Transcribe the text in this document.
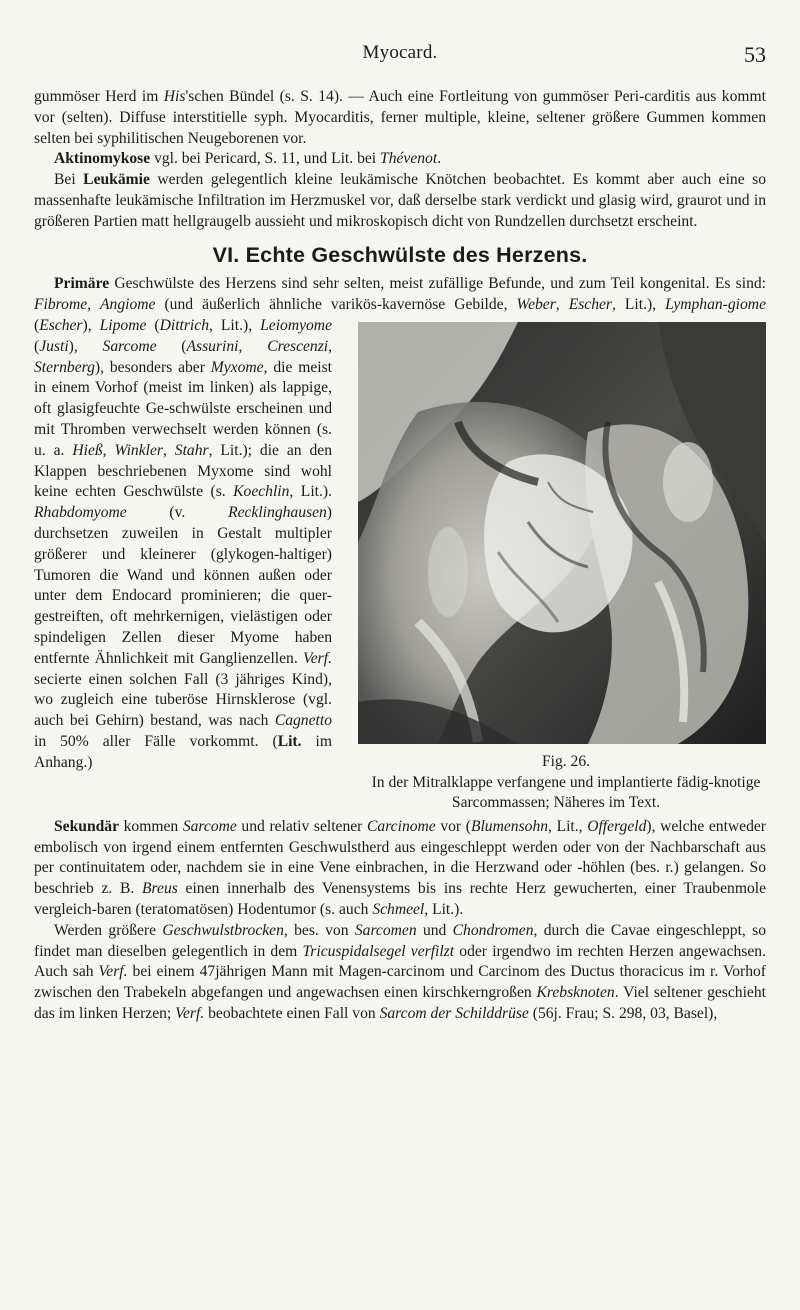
Myocard.	53

gummöser Herd im His'schen Bündel (s. S. 14). — Auch eine Fortleitung von gummöser Peri-carditis aus kommt vor (selten). Diffuse interstitielle syph. Myocarditis, ferner multiple, kleine, seltener größere Gummen kommen selten bei syphilitischen Neugeborenen vor.

Aktinomykose vgl. bei Pericard, S. 11, und Lit. bei Thévenot.

Bei Leukämie werden gelegentlich kleine leukämische Knötchen beobachtet. Es kommt aber auch eine so massenhafte leukämische Infiltration im Herzmuskel vor, daß derselbe stark verdickt und glasig wird, graurot und in größeren Partien matt hellgraugelb aussieht und mikroskopisch dicht von Rundzellen durchsetzt erscheint.

VI. Echte Geschwülste des Herzens.

Primäre Geschwülste des Herzens sind sehr selten, meist zufällige Befunde, und zum Teil kongenital. Es sind: Fibrome, Angiome (und äußerlich ähnliche varikös-kavernöse Gebilde, Weber, Escher, Lit.),
Fig. 26.
In der Mitralklappe verfangene und implantierte fädig-knotige Sarcommassen; Näheres im Text.
Lymphan-giome (Escher), Lipome (Dittrich, Lit.), Leiomyome (Justi), Sarcome (Assurini, Crescenzi, Sternberg), besonders aber Myxome, die meist in einem Vorhof (meist im linken) als lappige, oft glasigfeuchte Ge-schwülste erscheinen und mit Thromben verwechselt werden können (s. u. a. Hieß, Winkler, Stahr, Lit.); die an den Klappen beschriebenen Myxome sind wohl keine echten Geschwülste (s. Koechlin, Lit.). Rhabdomyome (v. Recklinghausen) durchsetzen zuweilen in Gestalt multipler größerer und kleinerer (glykogen-haltiger) Tumoren die Wand und können außen oder unter dem Endocard prominieren; die quer-gestreiften, oft mehrkernigen, vielästigen oder spindeligen Zellen dieser Myome haben entfernte Ähnlichkeit mit Ganglienzellen. Verf. secierte einen solchen Fall (3 jähriges Kind), wo zugleich eine tuberöse Hirnsklerose (vgl. auch bei Gehirn) bestand, was nach Cagnetto in 50% aller Fälle vorkommt. (Lit. im Anhang.)

Sekundär kommen Sarcome und relativ seltener Carcinome vor (Blumensohn, Lit., Offergeld), welche entweder embolisch von irgend einem entfernten Geschwulstherd aus eingeschleppt werden oder von der Nachbarschaft aus per continuitatem oder, nachdem sie in eine Vene einbrachen, in die Herzwand oder -höhlen (bes. r.) gelangen. So beschrieb z. B. Breus einen innerhalb des Venensystems bis ins rechte Herz gewucherten, einer Traubenmole vergleich-baren (teratomatösen) Hodentumor (s. auch Schmeel, Lit.).

Werden größere Geschwulstbrocken, bes. von Sarcomen und Chondromen, durch die Cavae eingeschleppt, so findet man dieselben gelegentlich in dem Tricuspidalsegel verfilzt oder irgendwo im rechten Herzen angewachsen. Auch sah Verf. bei einem 47jährigen Mann mit Magen-carcinom und Carcinom des Ductus thoracicus im r. Vorhof zwischen den Trabekeln abgefangen und angewachsen einen kirschkerngroßen Krebsknoten. Viel seltener geschieht das im linken Herzen; Verf. beobachtete einen Fall von Sarcom der Schilddrüse (56j. Frau; S. 298, 03, Basel),
